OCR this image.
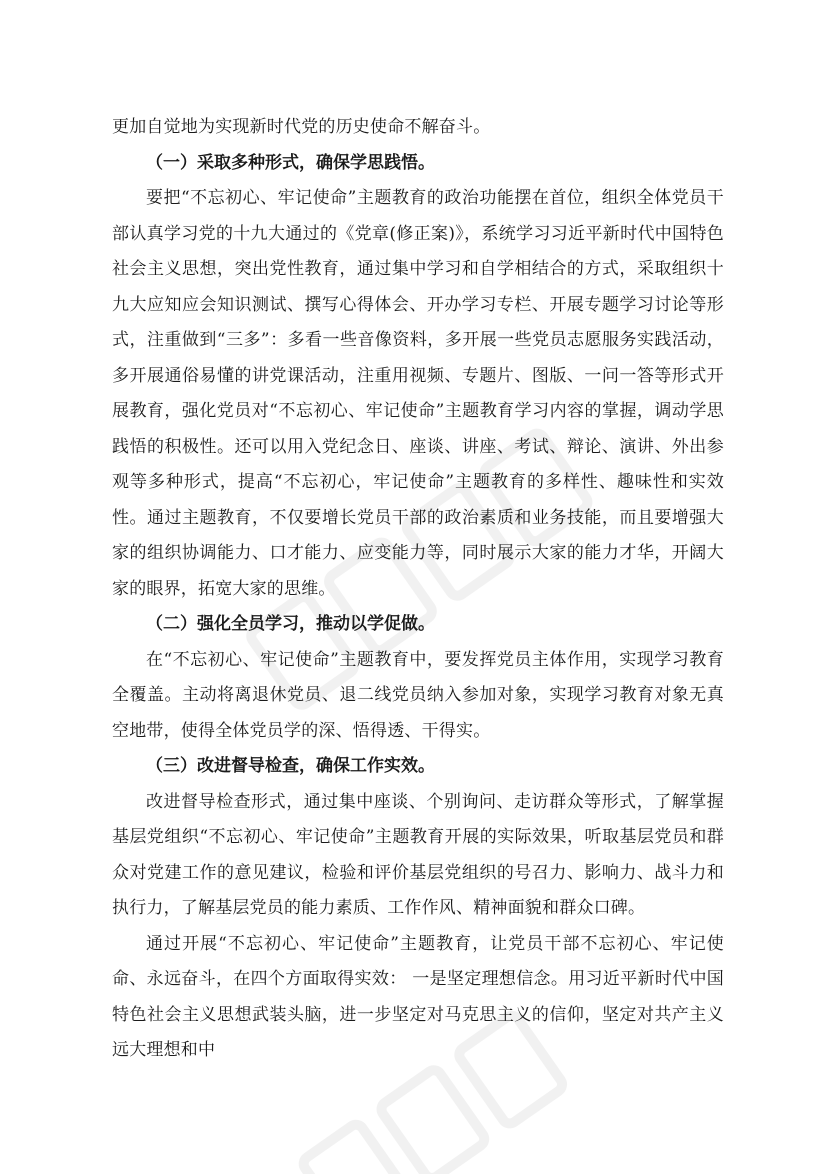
更加自觉地为实现新时代党的历史使命不解奋斗。

（一）采取多种形式，确保学思践悟。

要把“不忘初心、牢记使命”主题教育的政治功能摆在首位，组织全体党员干部认真学习党的十九大通过的《党章(修正案)》，系统学习习近平新时代中国特色社会主义思想，突出党性教育，通过集中学习和自学相结合的方式，采取组织十九大应知应会知识测试、撰写心得体会、开办学习专栏、开展专题学习讨论等形式，注重做到“三多”：多看一些音像资料，多开展一些党员志愿服务实践活动，多开展通俗易懂的讲党课活动，注重用视频、专题片、图版、一问一答等形式开展教育，强化党员对“不忘初心、牢记使命”主题教育学习内容的掌握，调动学思践悟的积极性。还可以用入党纪念日、座谈、讲座、考试、辩论、演讲、外出参观等多种形式，提高“不忘初心，牢记使命”主题教育的多样性、趣味性和实效性。通过主题教育，不仅要增长党员干部的政治素质和业务技能，而且要增强大家的组织协调能力、口才能力、应变能力等，同时展示大家的能力才华，开阔大家的眼界，拓宽大家的思维。

（二）强化全员学习，推动以学促做。

在“不忘初心、牢记使命”主题教育中，要发挥党员主体作用，实现学习教育全覆盖。主动将离退休党员、退二线党员纳入参加对象，实现学习教育对象无真空地带，使得全体党员学的深、悟得透、干得实。

（三）改进督导检查，确保工作实效。

改进督导检查形式，通过集中座谈、个别询问、走访群众等形式，了解掌握基层党组织“不忘初心、牢记使命”主题教育开展的实际效果，听取基层党员和群众对党建工作的意见建议，检验和评价基层党组织的号召力、影响力、战斗力和执行力，了解基层党员的能力素质、工作作风、精神面貌和群众口碑。

通过开展“不忘初心、牢记使命”主题教育，让党员干部不忘初心、牢记使命、永远奋斗，在四个方面取得实效： 一是坚定理想信念。用习近平新时代中国特色社会主义思想武装头脑，进一步坚定对马克思主义的信仰，坚定对共产主义远大理想和中
